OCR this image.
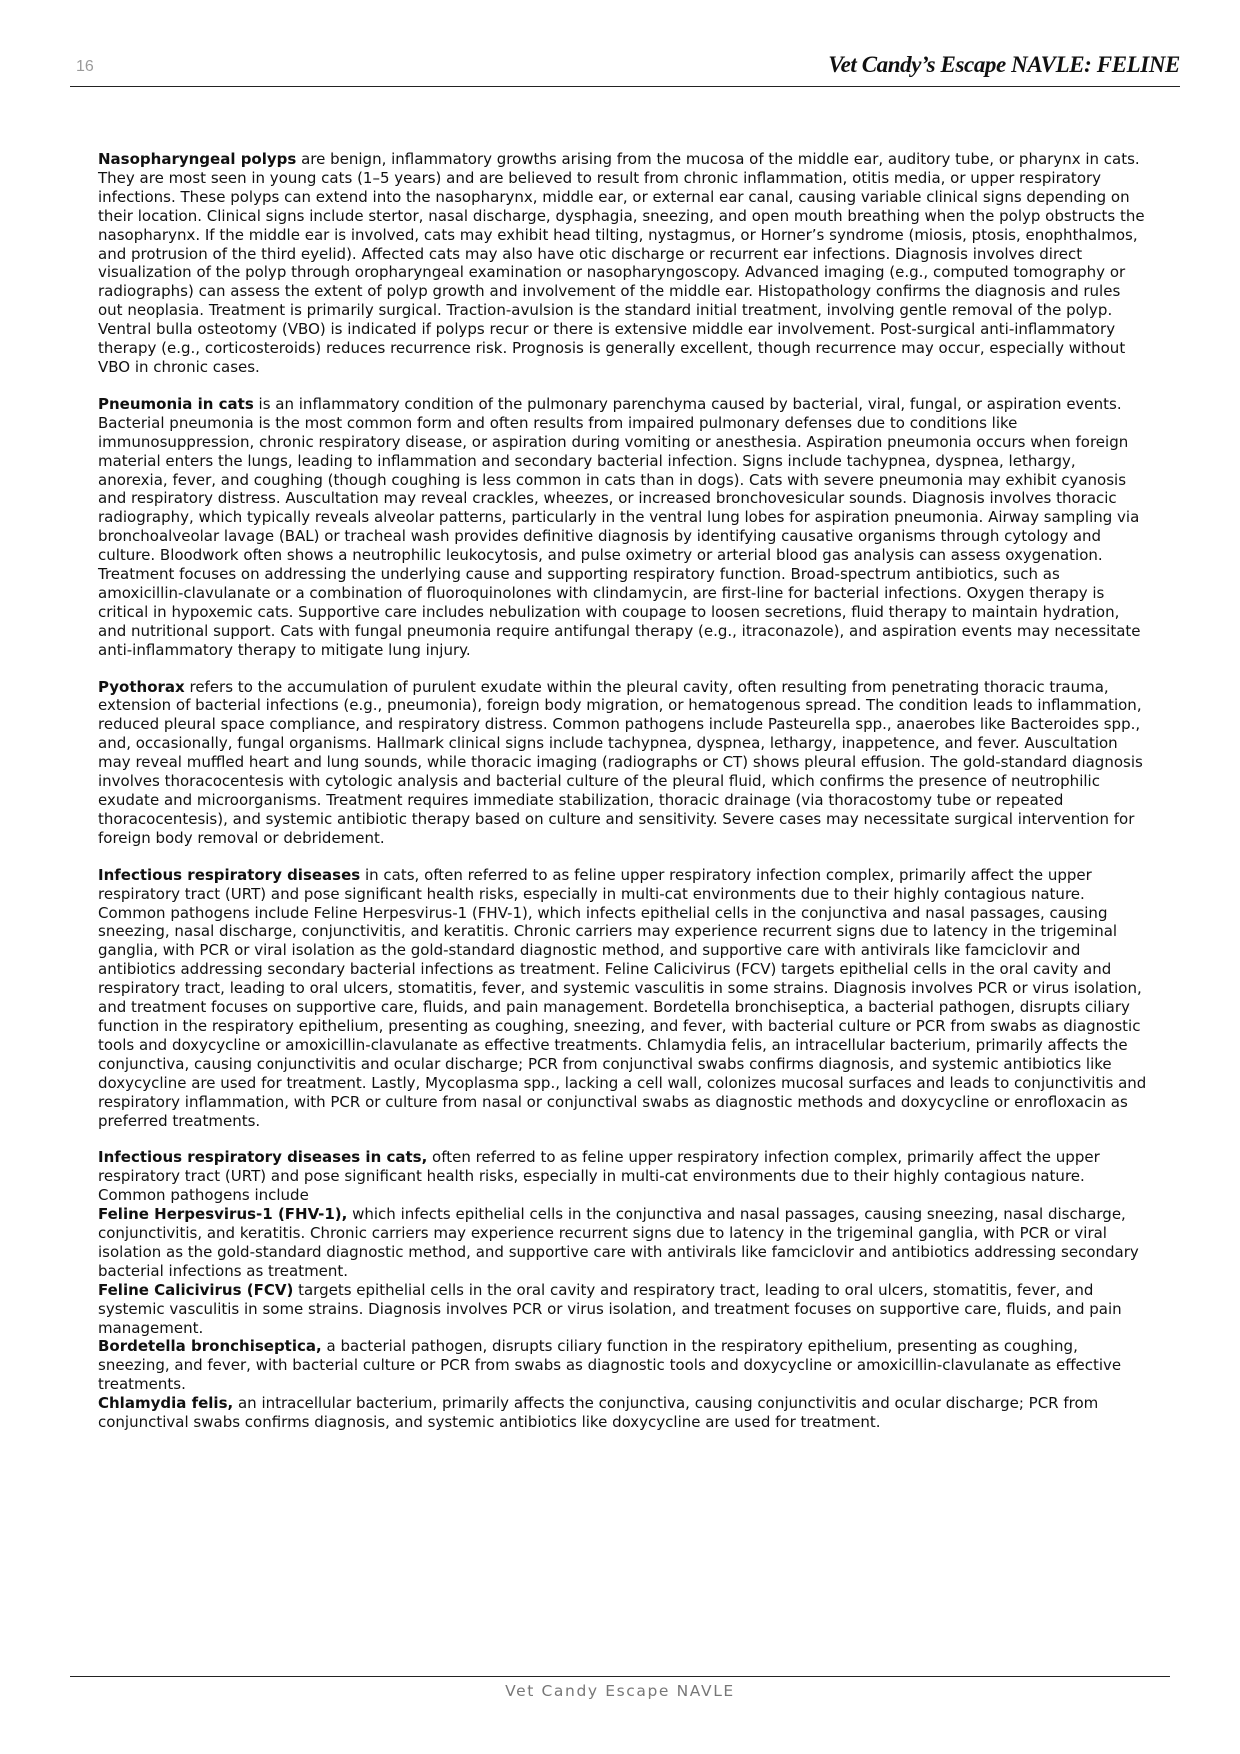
16	Vet Candy’s Escape NAVLE: FELINE

Nasopharyngeal polyps are benign, inflammatory growths arising from the mucosa of the middle ear, auditory tube, or pharynx in cats. They are most seen in young cats (1–5 years) and are believed to result from chronic inflammation, otitis media, or upper respiratory infections. These polyps can extend into the nasopharynx, middle ear, or external ear canal, causing variable clinical signs depending on their location. Clinical signs include stertor, nasal discharge, dysphagia, sneezing, and open mouth breathing when the polyp obstructs the nasopharynx. If the middle ear is involved, cats may exhibit head tilting, nystagmus, or Horner’s syndrome (miosis, ptosis, enophthalmos, and protrusion of the third eyelid). Affected cats may also have otic discharge or recurrent ear infections. Diagnosis involves direct visualization of the polyp through oropharyngeal examination or nasopharyngoscopy. Advanced imaging (e.g., computed tomography or radiographs) can assess the extent of polyp growth and involvement of the middle ear. Histopathology confirms the diagnosis and rules out neoplasia. Treatment is primarily surgical. Traction-avulsion is the standard initial treatment, involving gentle removal of the polyp. Ventral bulla osteotomy (VBO) is indicated if polyps recur or there is extensive middle ear involvement. Post-surgical anti-inflammatory therapy (e.g., corticosteroids) reduces recurrence risk. Prognosis is generally excellent, though recurrence may occur, especially without VBO in chronic cases.

Pneumonia in cats is an inflammatory condition of the pulmonary parenchyma caused by bacterial, viral, fungal, or aspiration events. Bacterial pneumonia is the most common form and often results from impaired pulmonary defenses due to conditions like immunosuppression, chronic respiratory disease, or aspiration during vomiting or anesthesia. Aspiration pneumonia occurs when foreign material enters the lungs, leading to inflammation and secondary bacterial infection. Signs include tachypnea, dyspnea, lethargy, anorexia, fever, and coughing (though coughing is less common in cats than in dogs). Cats with severe pneumonia may exhibit cyanosis and respiratory distress. Auscultation may reveal crackles, wheezes, or increased bronchovesicular sounds. Diagnosis involves thoracic radiography, which typically reveals alveolar patterns, particularly in the ventral lung lobes for aspiration pneumonia. Airway sampling via bronchoalveolar lavage (BAL) or tracheal wash provides definitive diagnosis by identifying causative organisms through cytology and culture. Bloodwork often shows a neutrophilic leukocytosis, and pulse oximetry or arterial blood gas analysis can assess oxygenation. Treatment focuses on addressing the underlying cause and supporting respiratory function. Broad-spectrum antibiotics, such as amoxicillin-clavulanate or a combination of fluoroquinolones with clindamycin, are first-line for bacterial infections. Oxygen therapy is critical in hypoxemic cats. Supportive care includes nebulization with coupage to loosen secretions, fluid therapy to maintain hydration, and nutritional support. Cats with fungal pneumonia require antifungal therapy (e.g., itraconazole), and aspiration events may necessitate anti-inflammatory therapy to mitigate lung injury.

Pyothorax refers to the accumulation of purulent exudate within the pleural cavity, often resulting from penetrating thoracic trauma, extension of bacterial infections (e.g., pneumonia), foreign body migration, or hematogenous spread. The condition leads to inflammation, reduced pleural space compliance, and respiratory distress. Common pathogens include Pasteurella spp., anaerobes like Bacteroides spp., and, occasionally, fungal organisms. Hallmark clinical signs include tachypnea, dyspnea, lethargy, inappetence, and fever. Auscultation may reveal muffled heart and lung sounds, while thoracic imaging (radiographs or CT) shows pleural effusion. The gold-standard diagnosis involves thoracocentesis with cytologic analysis and bacterial culture of the pleural fluid, which confirms the presence of neutrophilic exudate and microorganisms. Treatment requires immediate stabilization, thoracic drainage (via thoracostomy tube or repeated thoracocentesis), and systemic antibiotic therapy based on culture and sensitivity. Severe cases may necessitate surgical intervention for foreign body removal or debridement.

Infectious respiratory diseases in cats, often referred to as feline upper respiratory infection complex, primarily affect the upper respiratory tract (URT) and pose significant health risks, especially in multi-cat environments due to their highly contagious nature. Common pathogens include Feline Herpesvirus-1 (FHV-1), which infects epithelial cells in the conjunctiva and nasal passages, causing sneezing, nasal discharge, conjunctivitis, and keratitis. Chronic carriers may experience recurrent signs due to latency in the trigeminal ganglia, with PCR or viral isolation as the gold-standard diagnostic method, and supportive care with antivirals like famciclovir and antibiotics addressing secondary bacterial infections as treatment. Feline Calicivirus (FCV) targets epithelial cells in the oral cavity and respiratory tract, leading to oral ulcers, stomatitis, fever, and systemic vasculitis in some strains. Diagnosis involves PCR or virus isolation, and treatment focuses on supportive care, fluids, and pain management. Bordetella bronchiseptica, a bacterial pathogen, disrupts ciliary function in the respiratory epithelium, presenting as coughing, sneezing, and fever, with bacterial culture or PCR from swabs as diagnostic tools and doxycycline or amoxicillin-clavulanate as effective treatments. Chlamydia felis, an intracellular bacterium, primarily affects the conjunctiva, causing conjunctivitis and ocular discharge; PCR from conjunctival swabs confirms diagnosis, and systemic antibiotics like doxycycline are used for treatment. Lastly, Mycoplasma spp., lacking a cell wall, colonizes mucosal surfaces and leads to conjunctivitis and respiratory inflammation, with PCR or culture from nasal or conjunctival swabs as diagnostic methods and doxycycline or enrofloxacin as preferred treatments.

Infectious respiratory diseases in cats, often referred to as feline upper respiratory infection complex, primarily affect the upper respiratory tract (URT) and pose significant health risks, especially in multi-cat environments due to their highly contagious nature.
Common pathogens include
Feline Herpesvirus-1 (FHV-1), which infects epithelial cells in the conjunctiva and nasal passages, causing sneezing, nasal discharge, conjunctivitis, and keratitis. Chronic carriers may experience recurrent signs due to latency in the trigeminal ganglia, with PCR or viral isolation as the gold-standard diagnostic method, and supportive care with antivirals like famciclovir and antibiotics addressing secondary bacterial infections as treatment.
Feline Calicivirus (FCV) targets epithelial cells in the oral cavity and respiratory tract, leading to oral ulcers, stomatitis, fever, and systemic vasculitis in some strains. Diagnosis involves PCR or virus isolation, and treatment focuses on supportive care, fluids, and pain management.
Bordetella bronchiseptica, a bacterial pathogen, disrupts ciliary function in the respiratory epithelium, presenting as coughing, sneezing, and fever, with bacterial culture or PCR from swabs as diagnostic tools and doxycycline or amoxicillin-clavulanate as effective treatments.
Chlamydia felis, an intracellular bacterium, primarily affects the conjunctiva, causing conjunctivitis and ocular discharge; PCR from conjunctival swabs confirms diagnosis, and systemic antibiotics like doxycycline are used for treatment.
Vet Candy Escape NAVLE
